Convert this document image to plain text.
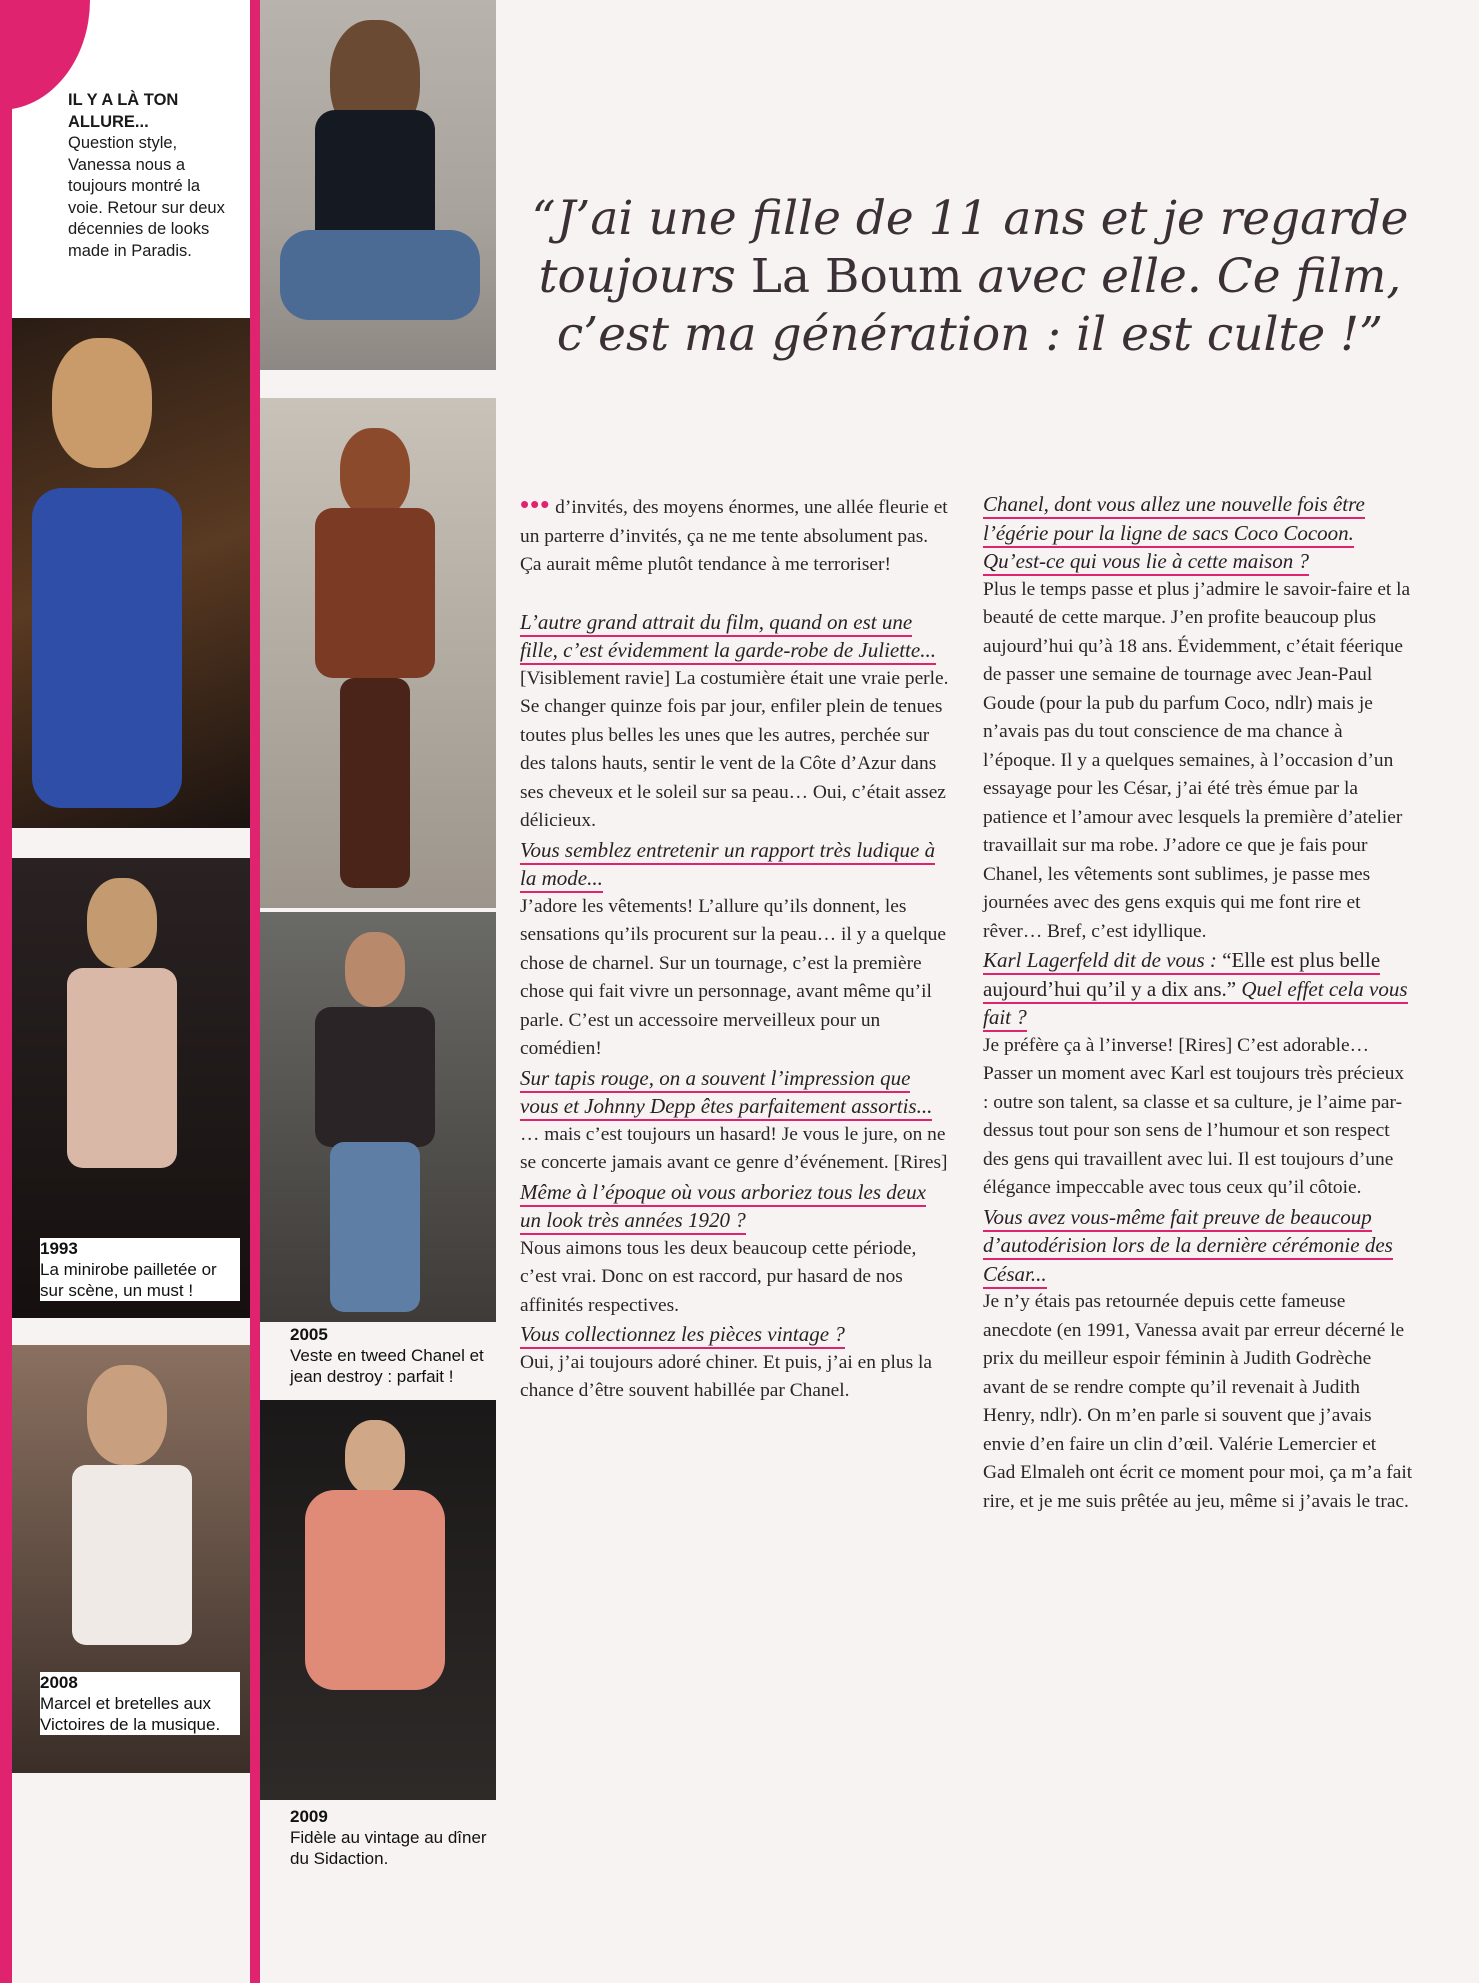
IL Y A LÀ TON ALLURE...
Question style, Vanessa nous a toujours montré la voie. Retour sur deux décennies de looks made in Paradis.
1993
La minirobe pailletée or sur scène, un must !
2005
Veste en tweed Chanel et jean destroy : parfait !
2008
Marcel et bretelles aux Victoires de la musique.
2009
Fidèle au vintage au dîner du Sidaction.
“J’ai une fille de 11 ans et je regarde toujours La Boum avec elle. Ce film, c’est ma génération : il est culte !”

••• d’invités, des moyens énormes, une allée fleurie et un parterre d’invités, ça ne me tente absolument pas. Ça aurait même plutôt tendance à me terroriser!

L’autre grand attrait du film, quand on est une fille, c’est évidemment la garde-robe de Juliette...

[Visiblement ravie] La costumière était une vraie perle. Se changer quinze fois par jour, enfiler plein de tenues toutes plus belles les unes que les autres, perchée sur des talons hauts, sentir le vent de la Côte d’Azur dans ses cheveux et le soleil sur sa peau… Oui, c’était assez délicieux.

Vous semblez entretenir un rapport très ludique à la mode...

J’adore les vêtements! L’allure qu’ils donnent, les sensations qu’ils procurent sur la peau… il y a quelque chose de charnel. Sur un tournage, c’est la première chose qui fait vivre un personnage, avant même qu’il parle. C’est un accessoire merveilleux pour un comédien!

Sur tapis rouge, on a souvent l’impression que vous et Johnny Depp êtes parfaitement assortis...

… mais c’est toujours un hasard! Je vous le jure, on ne se concerte jamais avant ce genre d’événement. [Rires]

Même à l’époque où vous arboriez tous les deux un look très années 1920 ?

Nous aimons tous les deux beaucoup cette période, c’est vrai. Donc on est raccord, pur hasard de nos affinités respectives.

Vous collectionnez les pièces vintage ?

Oui, j’ai toujours adoré chiner. Et puis, j’ai en plus la chance d’être souvent habillée par Chanel.

Chanel, dont vous allez une nouvelle fois être l’égérie pour la ligne de sacs Coco Cocoon. Qu’est-ce qui vous lie à cette maison ?

Plus le temps passe et plus j’admire le savoir-faire et la beauté de cette marque. J’en profite beaucoup plus aujourd’hui qu’à 18 ans. Évidemment, c’était féerique de passer une semaine de tournage avec Jean-Paul Goude (pour la pub du parfum Coco, ndlr) mais je n’avais pas du tout conscience de ma chance à l’époque. Il y a quelques semaines, à l’occasion d’un essayage pour les César, j’ai été très émue par la patience et l’amour avec lesquels la première d’atelier travaillait sur ma robe. J’adore ce que je fais pour Chanel, les vêtements sont sublimes, je passe mes journées avec des gens exquis qui me font rire et rêver… Bref, c’est idyllique.

Karl Lagerfeld dit de vous : “Elle est plus belle aujourd’hui qu’il y a dix ans.” Quel effet cela vous fait ?

Je préfère ça à l’inverse! [Rires] C’est adorable… Passer un moment avec Karl est toujours très précieux : outre son talent, sa classe et sa culture, je l’aime par-dessus tout pour son sens de l’humour et son respect des gens qui travaillent avec lui. Il est toujours d’une élégance impeccable avec tous ceux qu’il côtoie.

Vous avez vous-même fait preuve de beaucoup d’autodérision lors de la dernière cérémonie des César...

Je n’y étais pas retournée depuis cette fameuse anecdote (en 1991, Vanessa avait par erreur décerné le prix du meilleur espoir féminin à Judith Godrèche avant de se rendre compte qu’il revenait à Judith Henry, ndlr). On m’en parle si souvent que j’avais envie d’en faire un clin d’œil. Valérie Lemercier et Gad Elmaleh ont écrit ce moment pour moi, ça m’a fait rire, et je me suis prêtée au jeu, même si j’avais le trac.
